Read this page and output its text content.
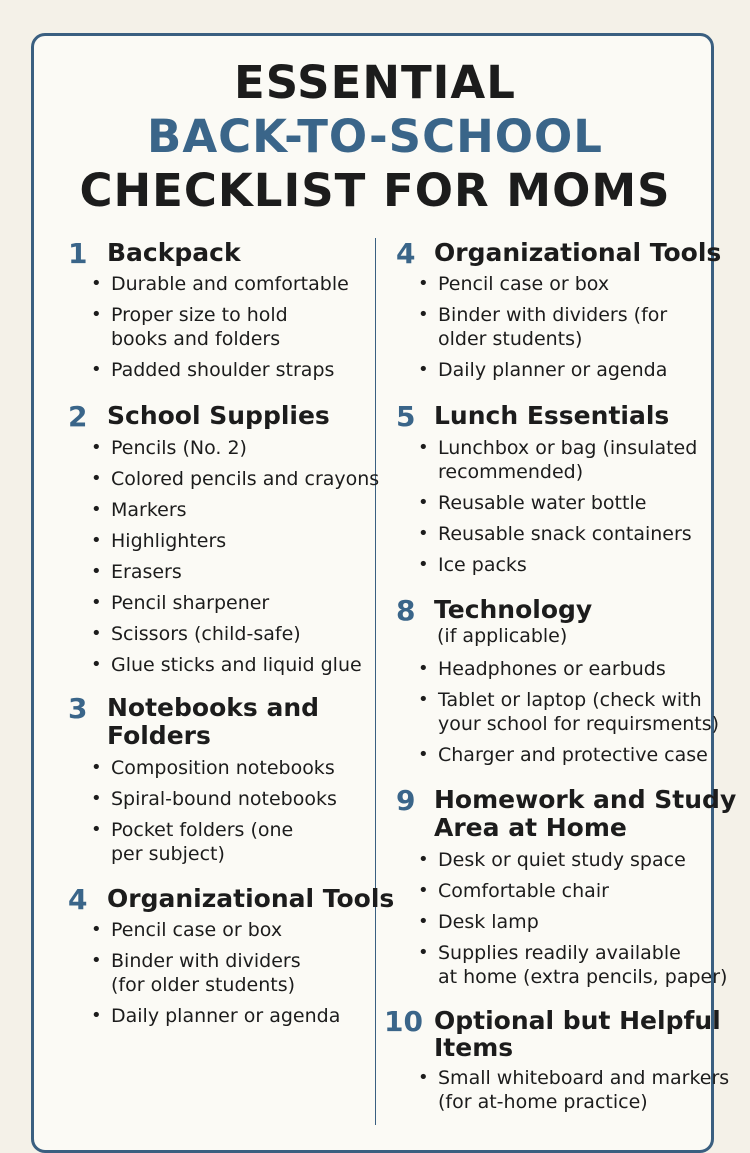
ESSENTIAL
BACK-TO-SCHOOL
CHECKLIST FOR MOMS
1 Backpack
• Durable and comfortable
• Proper size to hold
books and folders
• Padded shoulder straps
2 School Supplies
• Pencils (No. 2)
• Colored pencils and crayons
• Markers
• Highlighters
• Erasers
• Pencil sharpener
• Scissors (child-safe)
• Glue sticks and liquid glue
3 Notebooks and
Folders
• Composition notebooks
• Spiral-bound notebooks
• Pocket folders (one
per subject)
4 Organizational Tools
• Pencil case or box
• Binder with dividers
(for older students)
• Daily planner or agenda
4 Organizational Tools
• Pencil case or box
• Binder with dividers (for
older students)
• Daily planner or agenda
5 Lunch Essentials
• Lunchbox or bag (insulated
recommended)
• Reusable water bottle
• Reusable snack containers
• Ice packs
8 Technology
(if applicable)
• Headphones or earbuds
• Tablet or laptop (check with
your school for requirsments)
• Charger and protective case
9 Homework and Study
Area at Home
• Desk or quiet study space
• Comfortable chair
• Desk lamp
• Supplies readily available
at home (extra pencils, paper)
10 Optional but Helpful
Items
• Small whiteboard and markers
(for at-home practice)
